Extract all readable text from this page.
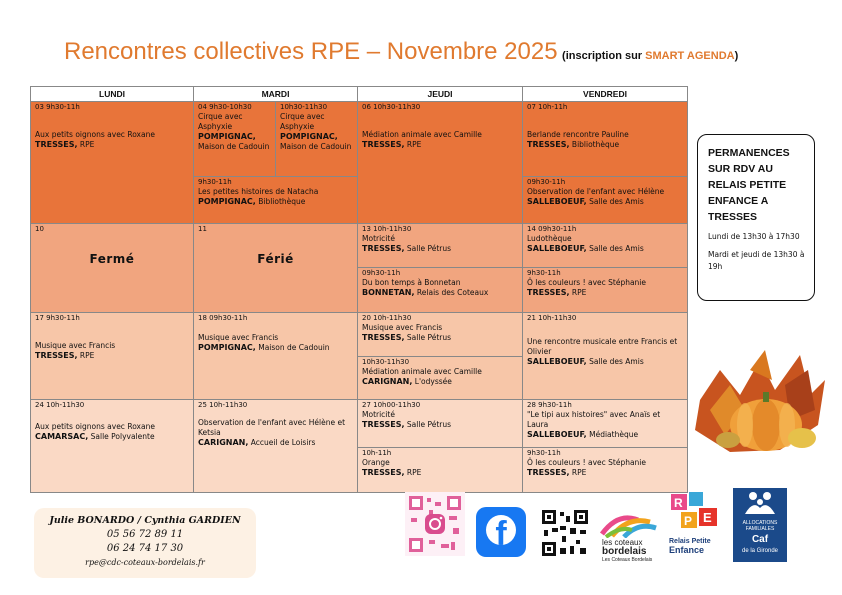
Rencontres collectives RPE – Novembre 2025 (inscription sur SMART AGENDA)
LUNDI	MARDI		JEUDI	VENDREDI

03 9h30-11h
Aux petits oignons avec Roxane
TRESSES, RPE	04 9h30-10h30
Cirque avec Asphyxie
POMPIGNAC,
Maison de Cadouin	10h30-11h30
Cirque avec Asphyxie
POMPIGNAC,
Maison de Cadouin	06 10h30-11h30
Médiation animale avec Camille
TRESSES, RPE	07 10h-11h
Berlande rencontre Pauline
TRESSES, Bibliothèque

	9h30-11h
Les petites histoires de Natacha
POMPIGNAC, Bibliothèque			09h30-11h
Observation de l'enfant avec Hélène
SALLEBOEUF, Salle des Amis

10
Fermé	11
Férié		13 10h-11h30
Motricité
TRESSES, Salle Pétrus	14 09h30-11h
Ludothèque
SALLEBOEUF, Salle des Amis

			09h30-11h
Du bon temps à Bonnetan
BONNETAN, Relais des Coteaux	9h30-11h
Ô les couleurs ! avec Stéphanie
TRESSES, RPE

17 9h30-11h
Musique avec Francis
TRESSES, RPE	18 09h30-11h
Musique avec Francis
POMPIGNAC, Maison de Cadouin		20 10h-11h30
Musique avec Francis
TRESSES, Salle Pétrus	21 10h-11h30
Une rencontre musicale entre Francis et Olivier
SALLEBOEUF, Salle des Amis

			10h30-11h30
Médiation animale avec Camille
CARIGNAN, L'odyssée	

24 10h-11h30
Aux petits oignons avec Roxane
CAMARSAC, Salle Polyvalente	25 10h-11h30
Observation de l'enfant avec Hélène et Ketsia
CARIGNAN, Accueil de Loisirs		27 10h00-11h30
Motricité
TRESSES, Salle Pétrus	28 9h30-11h
"Le tipi aux histoires" avec Anaïs et Laura
SALLEBOEUF, Médiathèque

			10h-11h
Orange
TRESSES, RPE	9h30-11h
Ô les couleurs ! avec Stéphanie
TRESSES, RPE
PERMANENCES
SUR RDV AU
RELAIS PETITE
ENFANCE A
TRESSES
Lundi de 13h30 à 17h30
Mardi et jeudi de 13h30 à 19h
Julie BONARDO / Cynthia GARDIEN
05 56 72 89 11
06 24 74 17 30
rpe@cdc-coteaux-bordelais.fr
f	les coteaux
bordelais
Les Coteaux Bordelais
R
P E
Relais Petite
Enfance
ALLOCATIONS
FAMILIALES
Caf
de la Gironde
